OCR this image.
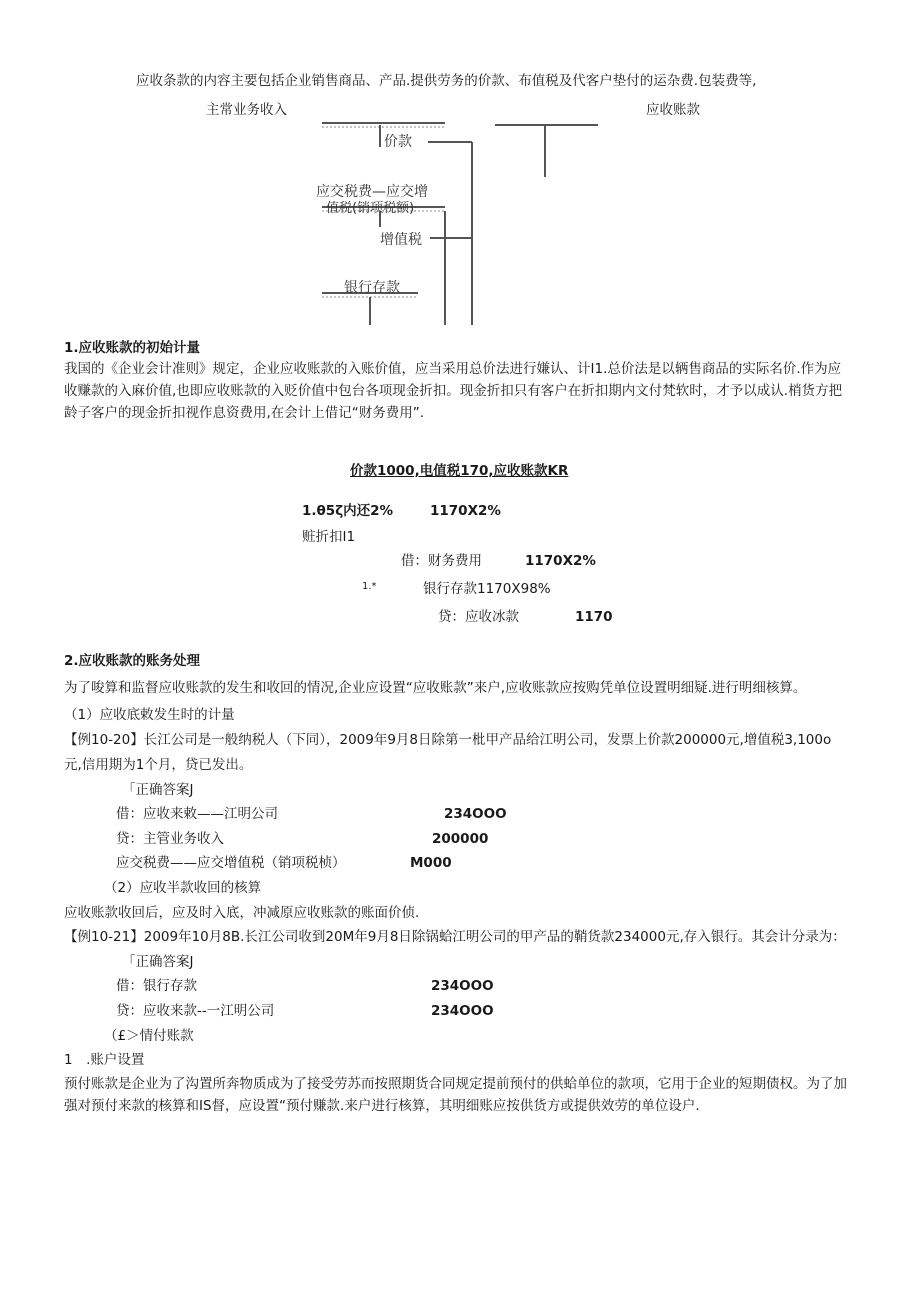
应收条款的内容主要包括企业销售商品、产品.提供劳务的价款、布值税及代客户垫付的运杂费.包装费等,
主常业务收入	应收账款
价款
应交税费—应交增
值税(销项税额)
增值税
银行存款
1.应收账款的初始计量
我国的《企业会计准则》规定，企业应收账款的入账价值，应当采用总价法进行嫌认、计I1.总价法是以辆售商品的实际名价.作为应收赚款的入麻价值,也即应收账款的入贬价值中包台各项现金折扣。现金折扣只有客户在折扣期内文付梵软时，才予以成认.梢货方把龄子客户的现金折扣视作息资费用,在会计上借记“财务费用”.
价款1000,电值税170,应收账款KR
1.θ5ζ内还2%	1170X2%
赃折扣I1
借：财务费用	1170X2%
1.*	银行存款1170X98%
贷：应收冰款	1170
2.应收账款的账务处理
为了唆算和监督应收账款的发生和收回的情况,企业应设置“应收账款”来户,应收账款应按购凭单位设置明细疑.进行明细核算。
（1）应收底敕发生时的计量
【例10-20】长江公司是一般纳税人（下同），2009年9月8日除第一枇甲产品给江明公司，发票上价款200000元,增值税3,100o
元,信用期为1个月，贷已发出。
「正确答案J
借：应收来敕——江明公司	234OOO
贷：主管业务收入	200000
应交税费——应交增值税（销项税桢）	M000
（2）应收半款收回的核算
应收账款收回后，应及时入底，冲减原应收账款的账面价侦.
【例10-21】2009年10月8B.长江公司收到20M年9月8日除锅蛤江明公司的甲产品的鞘货款234000元,存入银行。其会计分录为：
「正确答案J
借：银行存款	234OOO
贷：应收来款--一江明公司	234OOO
（£＞情付账款
1　.账户设置
预付账款是企业为了沟置所奔物质成为了接受劳苏而按照期货合同规定提前预付的供蛤单位的款项，它用于企业的短期债权。为了加强对预付来款的核算和IS督，应设置“预付赚款.来户进行核算，其明细账应按供货方或提供效劳的单位设户.
